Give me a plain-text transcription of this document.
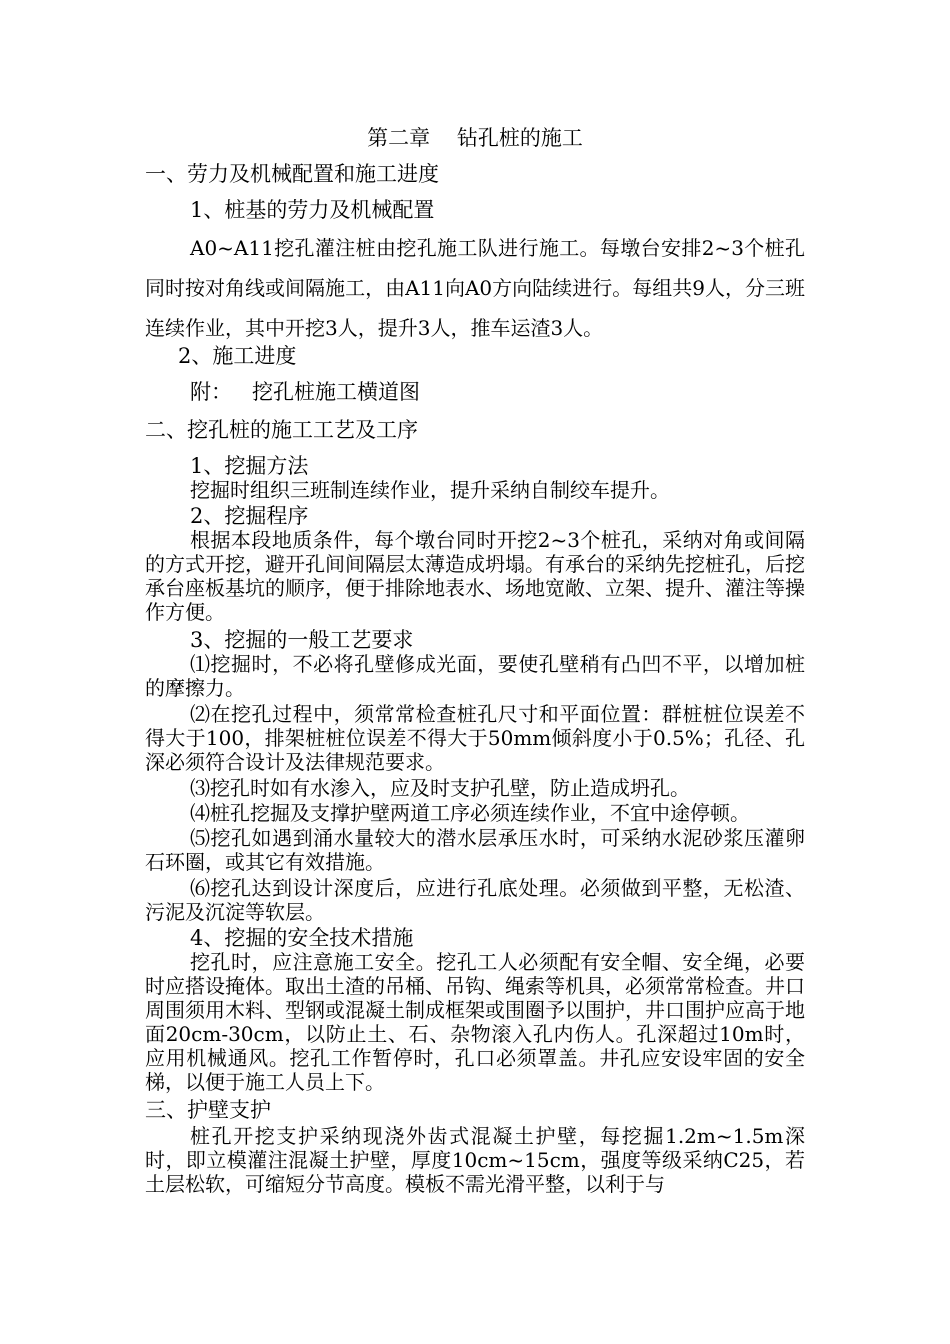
第二章    钻孔桩的施工
一、劳力及机械配置和施工进度
1、桩基的劳力及机械配置
A0~A11挖孔灌注桩由挖孔施工队进行施工。每墩台安排2~3个桩孔同时按对角线或间隔施工，由A11向A0方向陆续进行。每组共9人，分三班连续作业，其中开挖3人，提升3人，推车运渣3人。
2、施工进度
附：   挖孔桩施工横道图
二、挖孔桩的施工工艺及工序
1、挖掘方法
挖掘时组织三班制连续作业，提升采纳自制绞车提升。
2、挖掘程序
根据本段地质条件，每个墩台同时开挖2~3个桩孔，采纳对角或间隔的方式开挖，避开孔间间隔层太薄造成坍塌。有承台的采纳先挖桩孔，后挖承台座板基坑的顺序，便于排除地表水、场地宽敞、立架、提升、灌注等操作方便。
3、挖掘的一般工艺要求
⑴挖掘时，不必将孔壁修成光面，要使孔壁稍有凸凹不平，以增加桩的摩擦力。
⑵在挖孔过程中，须常常检查桩孔尺寸和平面位置：群桩桩位误差不得大于100，排架桩桩位误差不得大于50mm倾斜度小于0.5%；孔径、孔深必须符合设计及法律规范要求。
⑶挖孔时如有水渗入，应及时支护孔壁，防止造成坍孔。
⑷桩孔挖掘及支撑护壁两道工序必须连续作业，不宜中途停顿。
⑸挖孔如遇到涌水量较大的潜水层承压水时，可采纳水泥砂浆压灌卵石环圈，或其它有效措施。
⑹挖孔达到设计深度后，应进行孔底处理。必须做到平整，无松渣、污泥及沉淀等软层。
4、挖掘的安全技术措施
挖孔时，应注意施工安全。挖孔工人必须配有安全帽、安全绳，必要时应搭设掩体。取出土渣的吊桶、吊钩、绳索等机具，必须常常检查。井口周围须用木料、型钢或混凝土制成框架或围圈予以围护，井口围护应高于地面20cm-30cm，以防止土、石、杂物滚入孔内伤人。孔深超过10m时，应用机械通风。挖孔工作暂停时，孔口必须罩盖。井孔应安设牢固的安全梯，以便于施工人员上下。
三、护壁支护
桩孔开挖支护采纳现浇外齿式混凝土护壁，每挖掘1.2m~1.5m深时，即立模灌注混凝土护壁，厚度10cm~15cm，强度等级采纳C25，若土层松软，可缩短分节高度。模板不需光滑平整，以利于与
